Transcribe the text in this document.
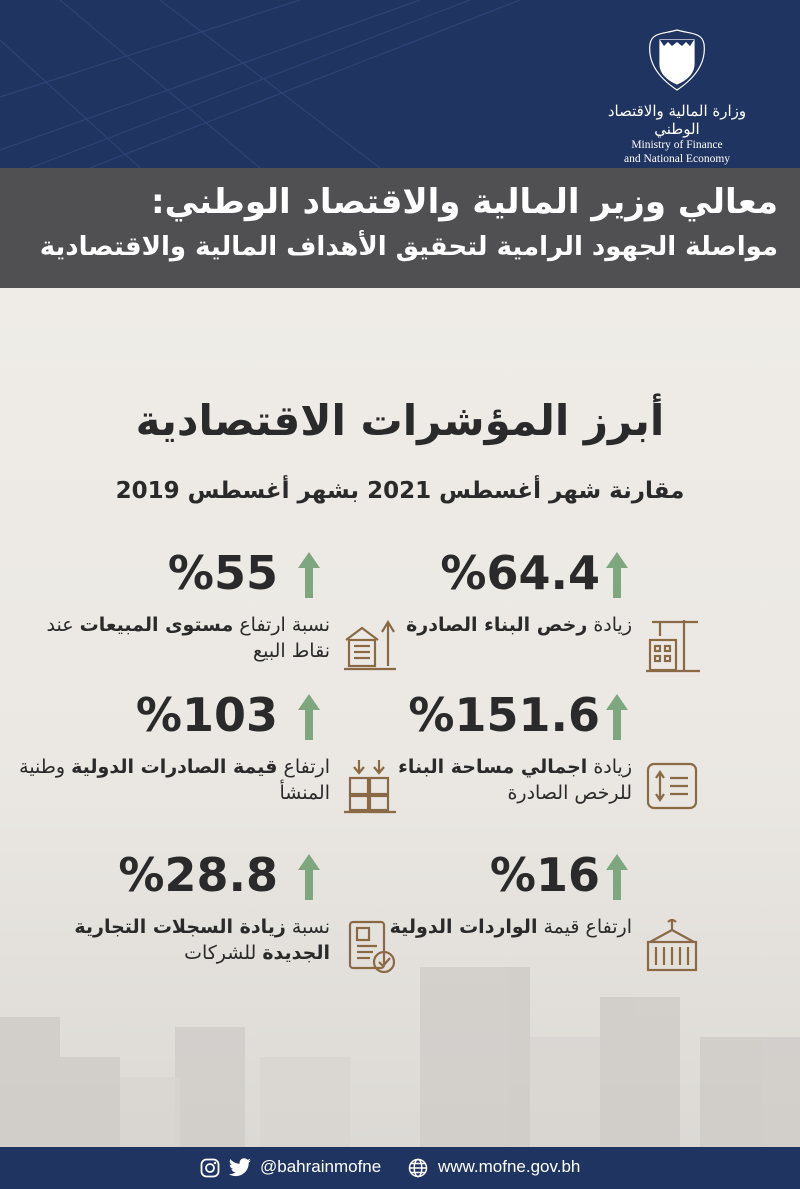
وزارة المالية والاقتصاد الوطني
Ministry of Finance
and National Economy
معالي وزير المالية والاقتصاد الوطني:
مواصلة الجهود الرامية لتحقيق الأهداف المالية والاقتصادية
أبرز المؤشرات الاقتصادية
مقارنة شهر أغسطس 2021 بشهر أغسطس 2019
%64.4
زيادة رخص البناء الصادرة
%55
نسبة ارتفاع مستوى المبيعات عند نقاط البيع
%151.6
زيادة اجمالي مساحة البناء للرخص الصادرة
%103
ارتفاع قيمة الصادرات الدولية وطنية المنشأ
%16
ارتفاع قيمة الواردات الدولية
%28.8
نسبة زيادة السجلات التجارية الجديدة للشركات
@bahrainmofne	www.mofne.gov.bh
